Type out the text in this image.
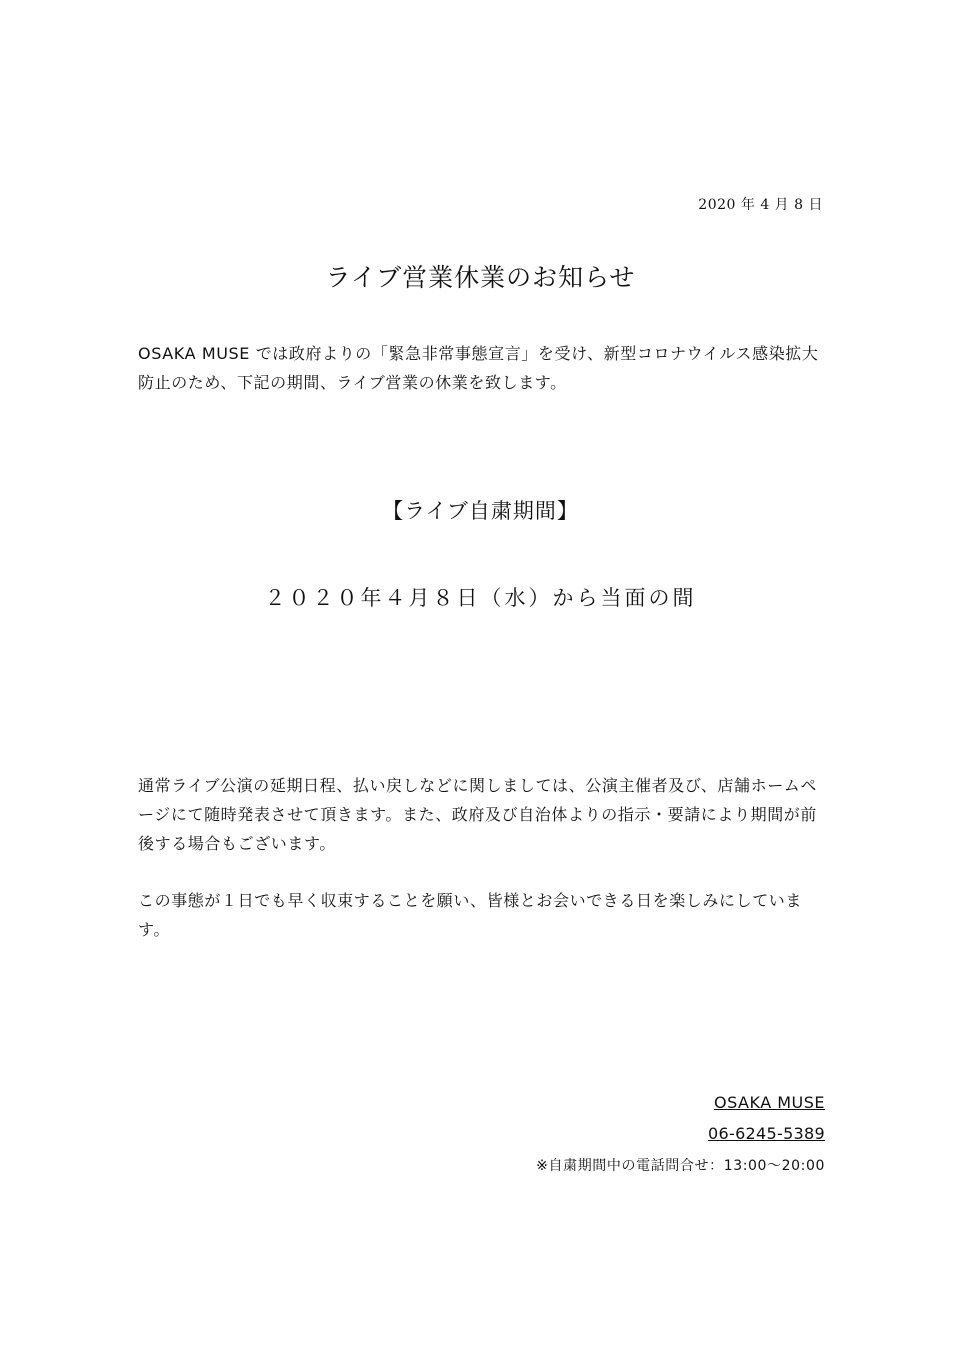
2020 年 4 月 8 日
ライブ営業休業のお知らせ
OSAKA MUSE では政府よりの「緊急非常事態宣言」を受け、新型コロナウイルス感染拡大防止のため、下記の期間、ライブ営業の休業を致します。
【ライブ自粛期間】
２０２０年４月８日（水）から当面の間
通常ライブ公演の延期日程、払い戻しなどに関しましては、公演主催者及び、店舗ホームページにて随時発表させて頂きます。また、政府及び自治体よりの指示・要請により期間が前後する場合もございます。
この事態が１日でも早く収束することを願い、皆様とお会いできる日を楽しみにしています。
OSAKA MUSE
06-6245-5389
※自粛期間中の電話問合せ：13:00〜20:00
